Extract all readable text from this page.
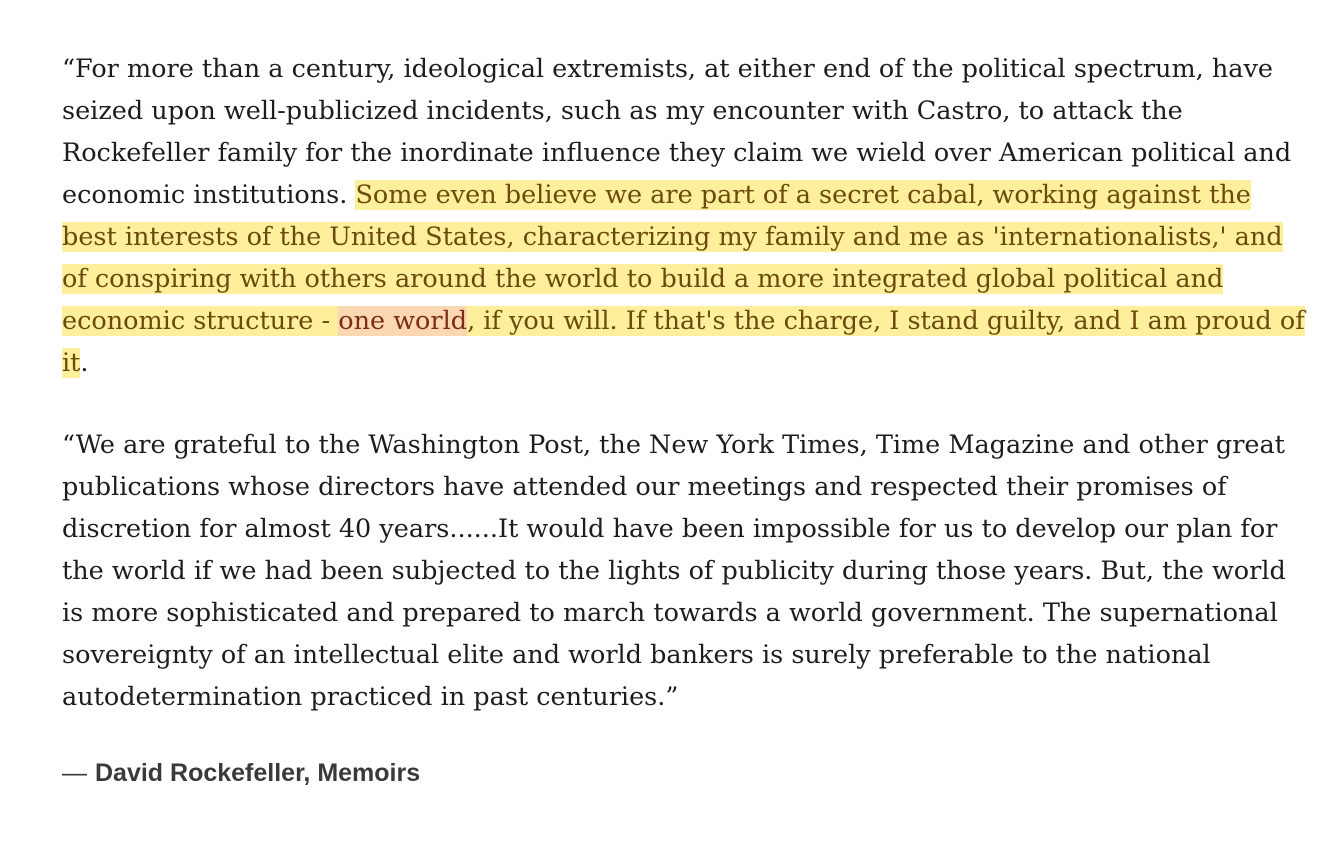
“For more than a century, ideological extremists, at either end of the political spectrum, have seized upon well-publicized incidents, such as my encounter with Castro, to attack the Rockefeller family for the inordinate influence they claim we wield over American political and economic institutions. Some even believe we are part of a secret cabal, working against the best interests of the United States, characterizing my family and me as 'internationalists,' and of conspiring with others around the world to build a more integrated global political and economic structure - one world, if you will. If that's the charge, I stand guilty, and I am proud of it.

“We are grateful to the Washington Post, the New York Times, Time Magazine and other great publications whose directors have attended our meetings and respected their promises of discretion for almost 40 years......It would have been impossible for us to develop our plan for the world if we had been subjected to the lights of publicity during those years. But, the world is more sophisticated and prepared to march towards a world government. The supernational sovereignty of an intellectual elite and world bankers is surely preferable to the national autodetermination practiced in past centuries.”

— David Rockefeller, Memoirs
